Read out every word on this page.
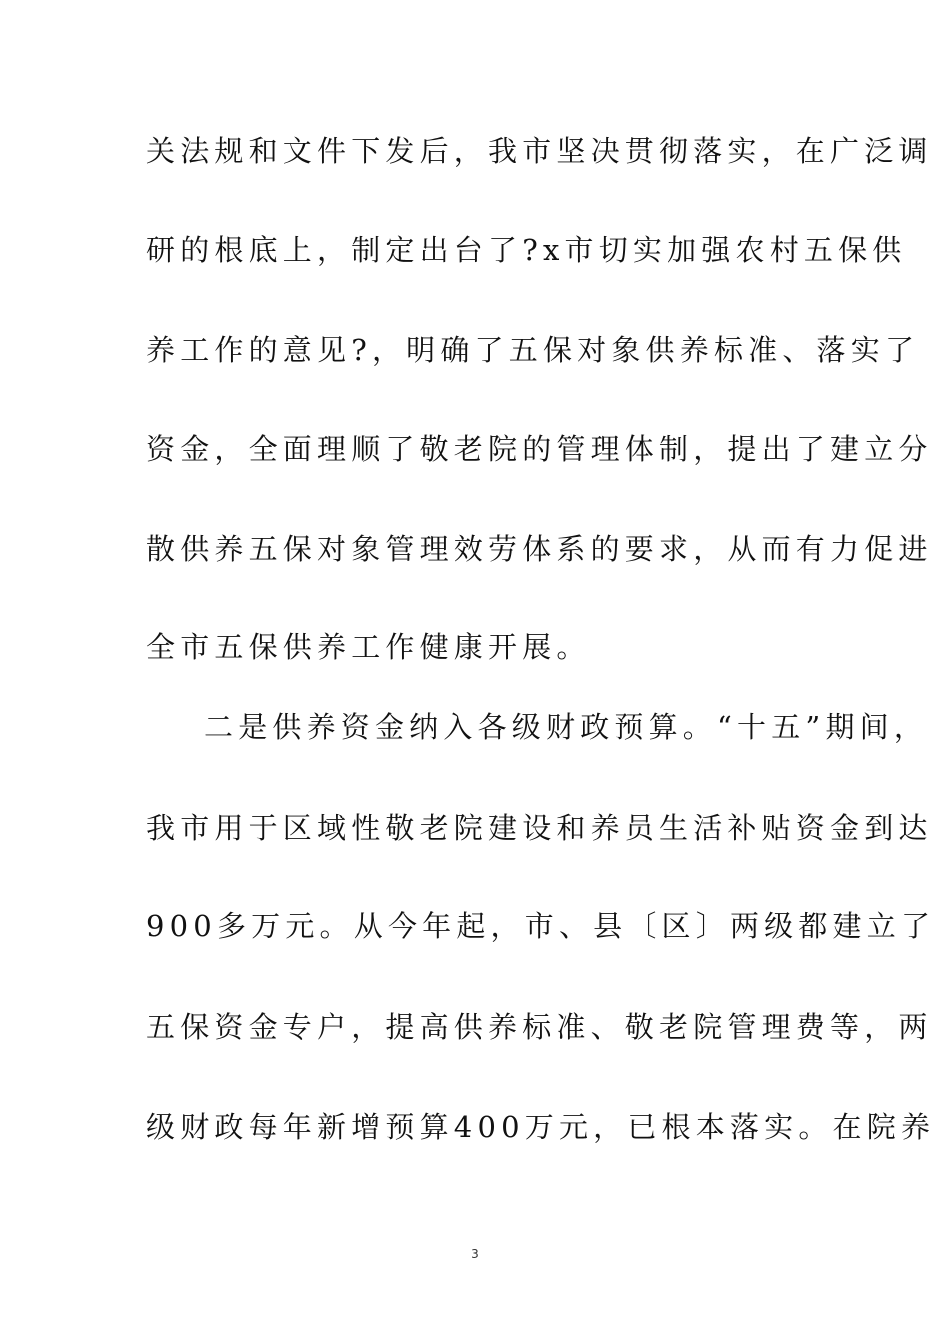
关法规和文件下发后，我市坚决贯彻落实，在广泛调
研的根底上，制定出台了?x市切实加强农村五保供
养工作的意见?，明确了五保对象供养标准、落实了
资金，全面理顺了敬老院的管理体制，提出了建立分
散供养五保对象管理效劳体系的要求，从而有力促进
全市五保供养工作健康开展。
二是供养资金纳入各级财政预算。“十五”期间，
我市用于区域性敬老院建设和养员生活补贴资金到达
900多万元。从今年起，市、县〔区〕两级都建立了
五保资金专户，提高供养标准、敬老院管理费等，两
级财政每年新增预算400万元，已根本落实。在院养
3
